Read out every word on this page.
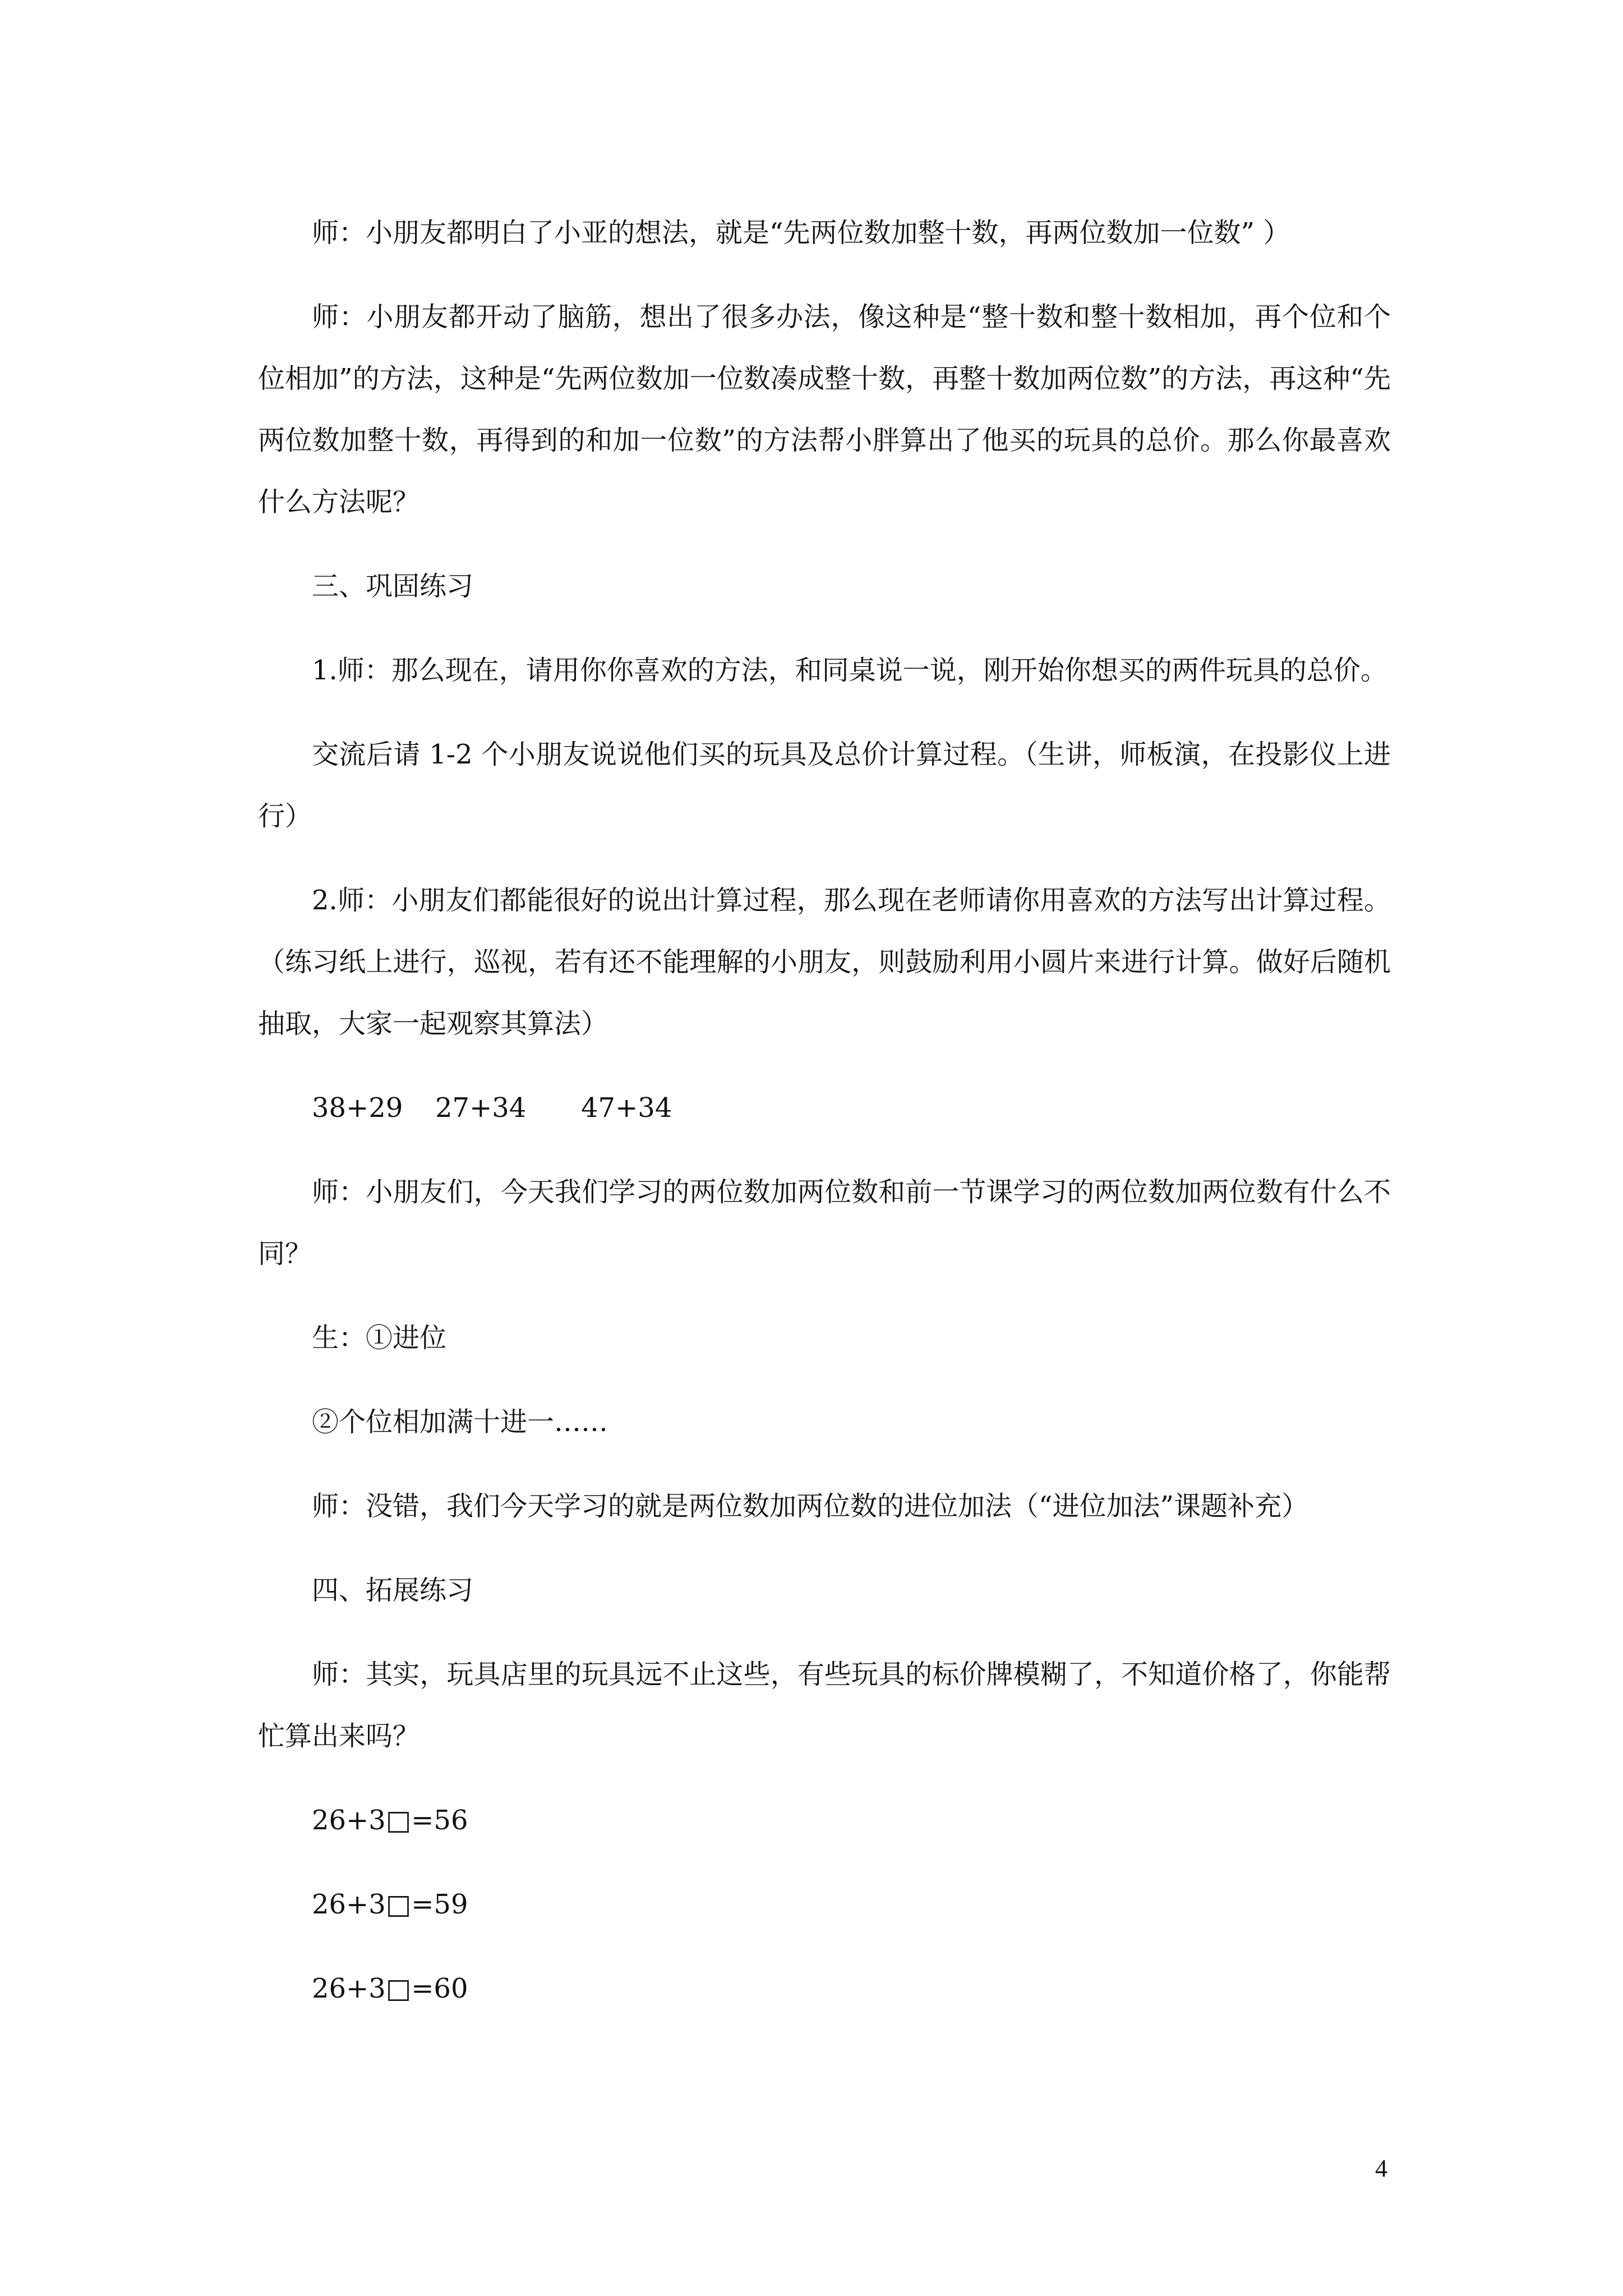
师：小朋友都明白了小亚的想法，就是“先两位数加整十数，再两位数加一位数” ）

师：小朋友都开动了脑筋，想出了很多办法，像这种是“整十数和整十数相加，再个位和个位相加”的方法，这种是“先两位数加一位数凑成整十数，再整十数加两位数”的方法，再这种“先两位数加整十数，再得到的和加一位数”的方法帮小胖算出了他买的玩具的总价。那么你最喜欢什么方法呢？

三、巩固练习

1.师：那么现在，请用你你喜欢的方法，和同桌说一说，刚开始你想买的两件玩具的总价。

交流后请 1-2 个小朋友说说他们买的玩具及总价计算过程。（生讲，师板演，在投影仪上进行）

2.师：小朋友们都能很好的说出计算过程，那么现在老师请你用喜欢的方法写出计算过程。（练习纸上进行，巡视，若有还不能理解的小朋友，则鼓励利用小圆片来进行计算。做好后随机抽取，大家一起观察其算法）

38+29 27+34 47+34

师：小朋友们，今天我们学习的两位数加两位数和前一节课学习的两位数加两位数有什么不同？

生：①进位

②个位相加满十进一……

师：没错，我们今天学习的就是两位数加两位数的进位加法（“进位加法”课题补充）

四、拓展练习

师：其实，玩具店里的玩具远不止这些，有些玩具的标价牌模糊了，不知道价格了，你能帮忙算出来吗？

26+3□=56

26+3□=59

26+3□=60

4
